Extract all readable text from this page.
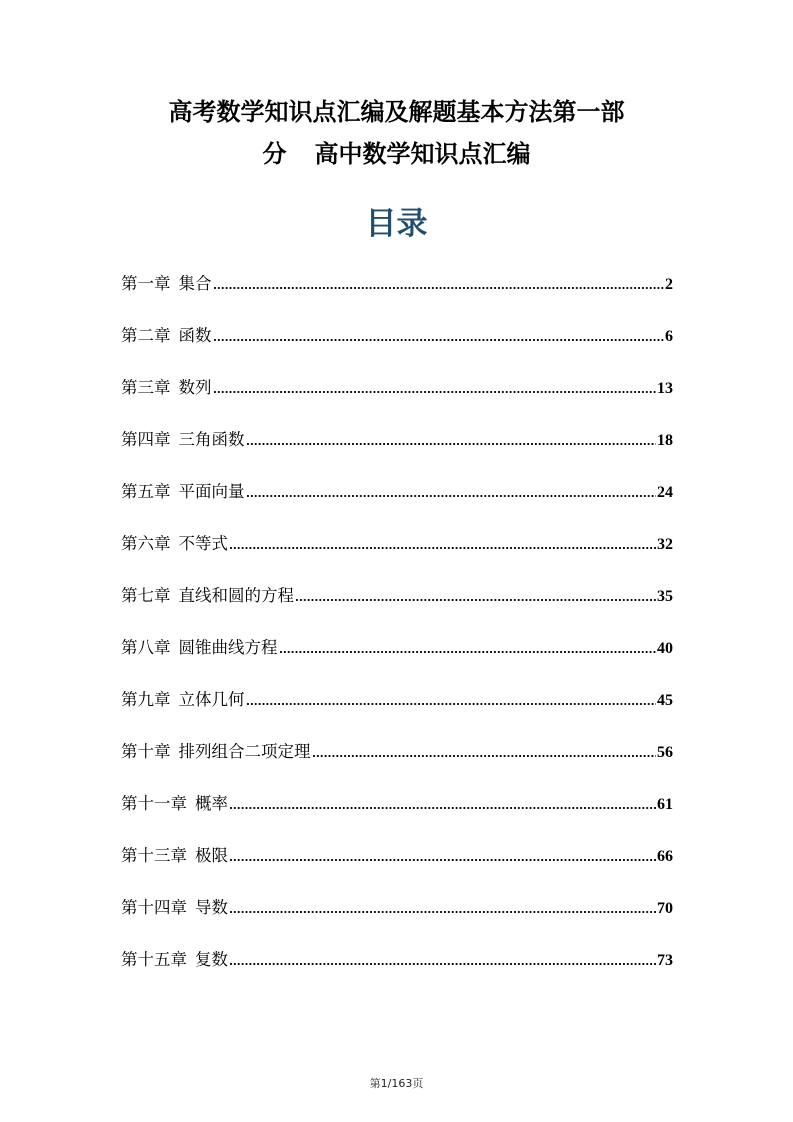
高考数学知识点汇编及解题基本方法第一部
分 高中数学知识点汇编
目录
第一章 集合	2
第二章 函数	6
第三章 数列	13
第四章 三角函数	18
第五章 平面向量	24
第六章 不等式	32
第七章 直线和圆的方程	35
第八章 圆锥曲线方程	40
第九章 立体几何	45
第十章 排列组合二项定理	56
第十一章 概率	61
第十三章 极限	66
第十四章 导数	70
第十五章 复数	73
第1/163页
